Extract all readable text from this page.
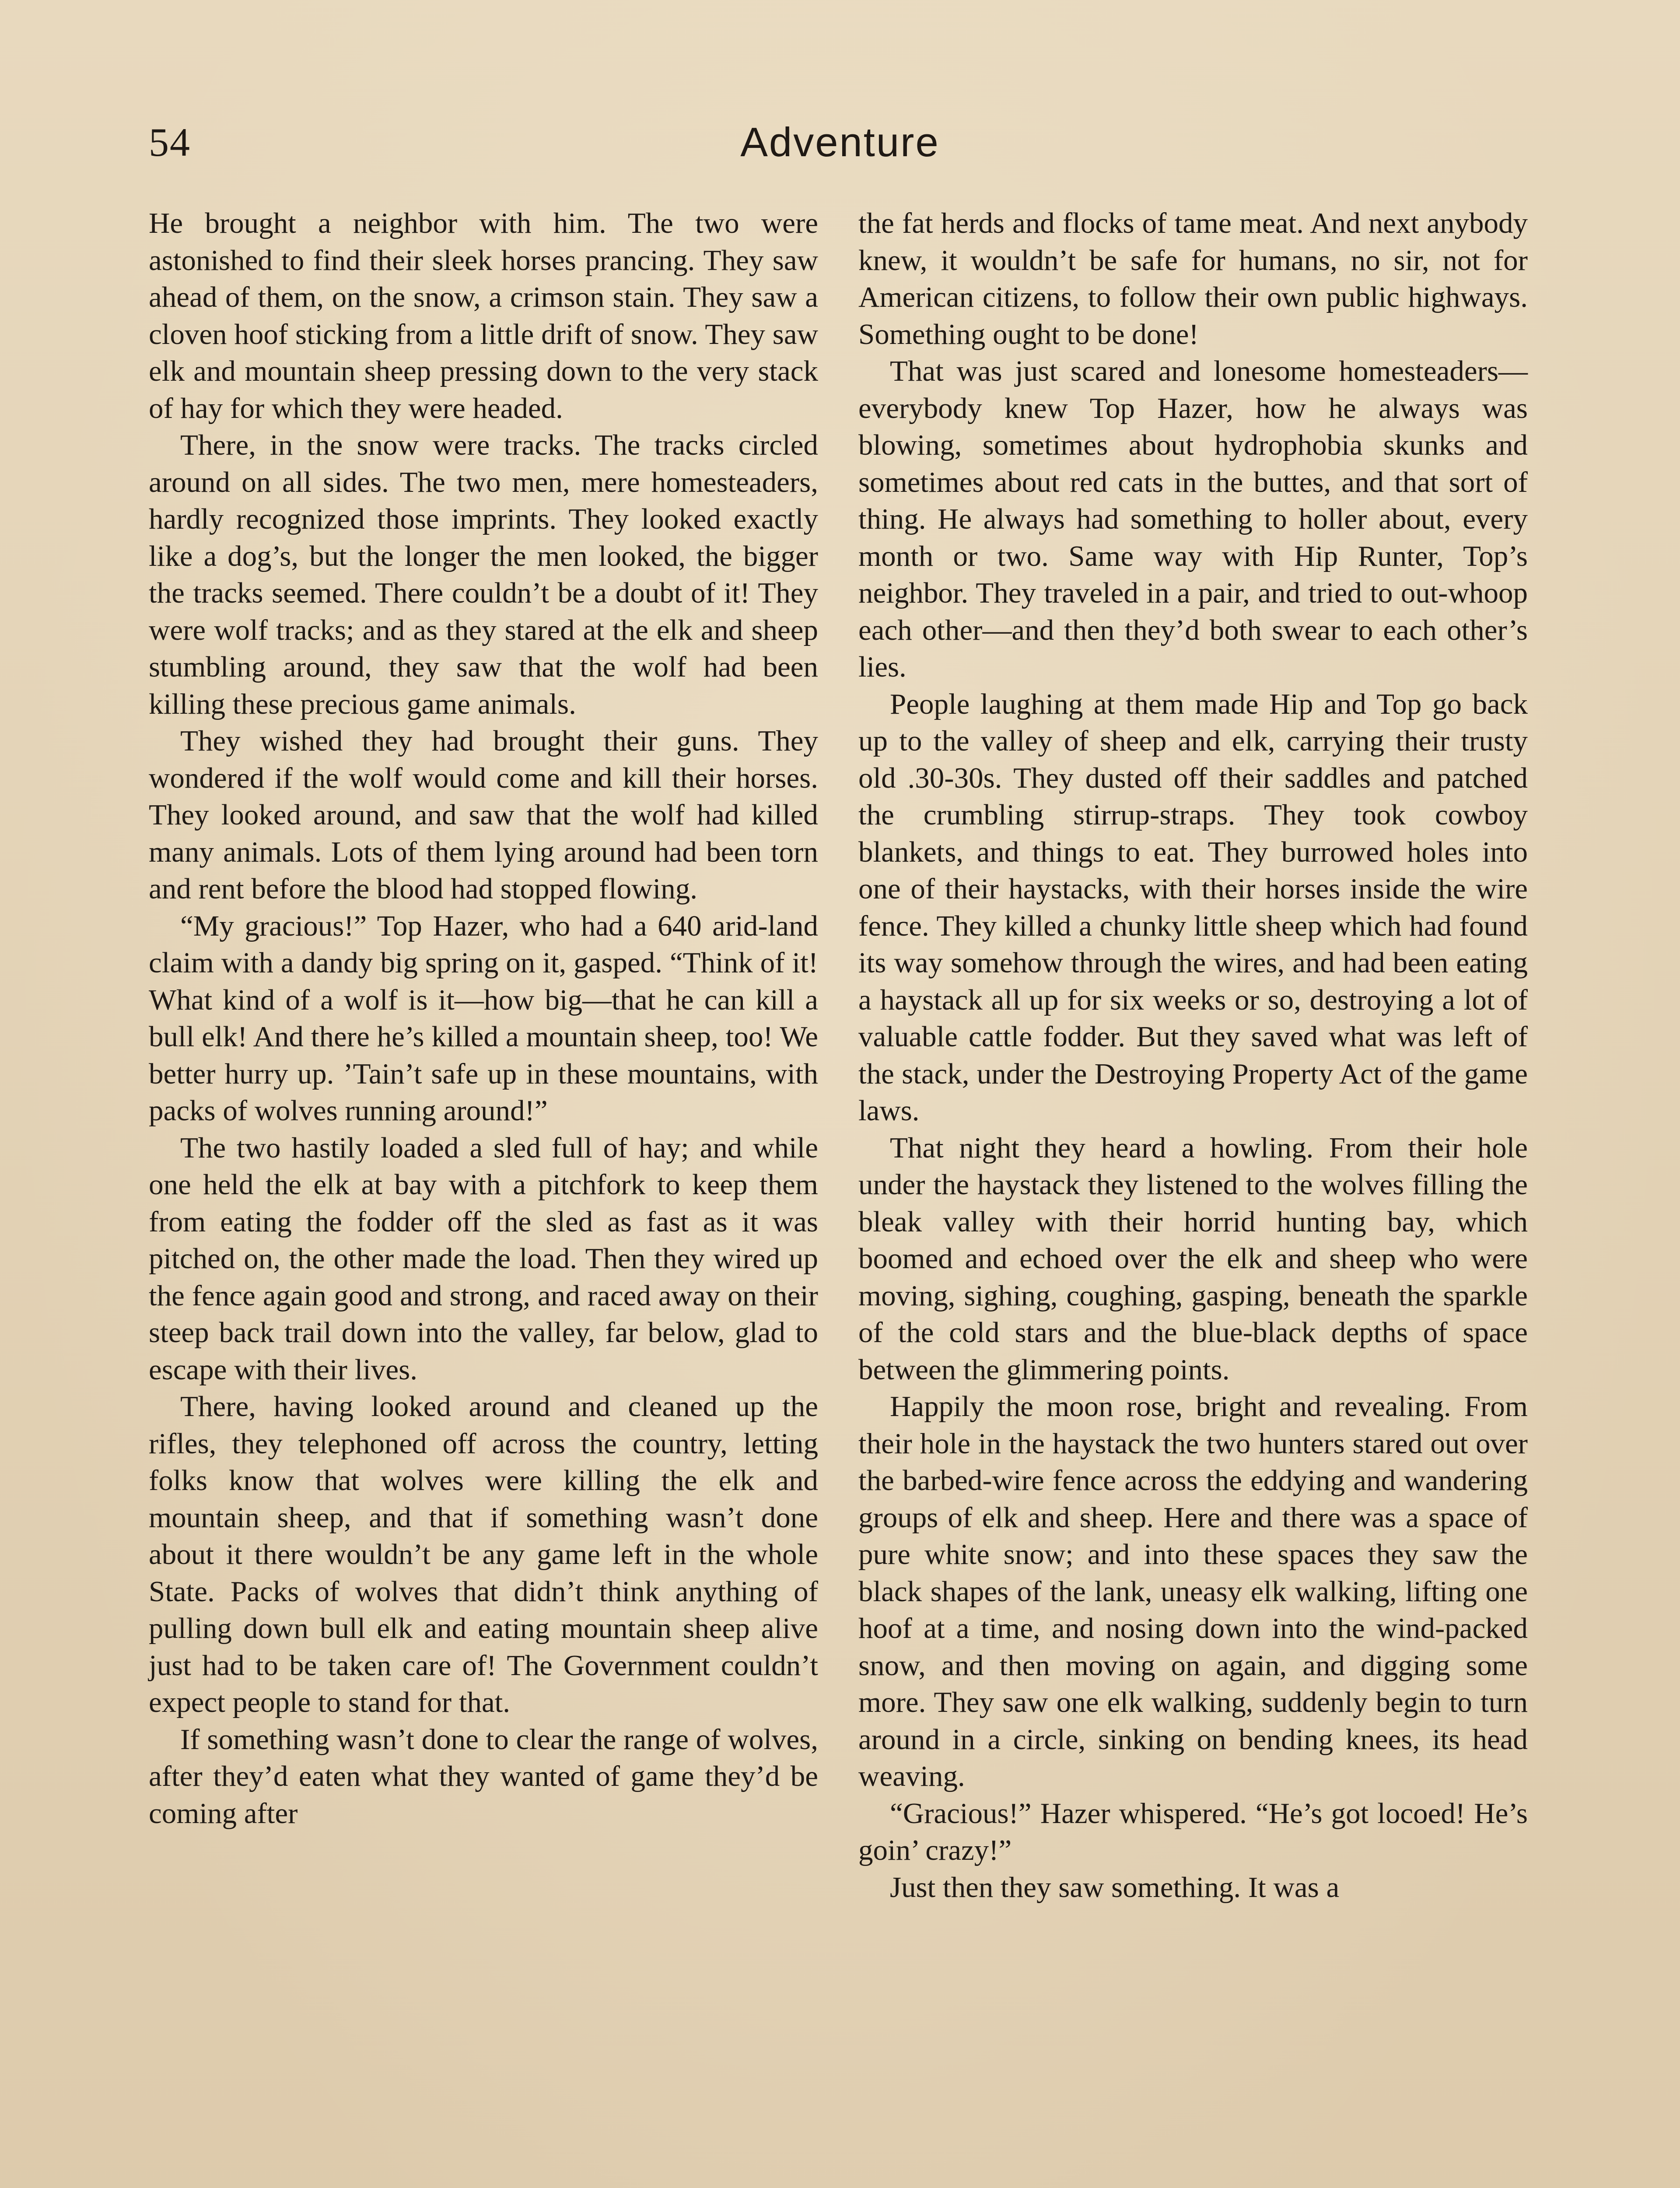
54	Adventure

He brought a neighbor with him. The two were astonished to find their sleek horses prancing. They saw ahead of them, on the snow, a crimson stain. They saw a cloven hoof sticking from a little drift of snow. They saw elk and mountain sheep pressing down to the very stack of hay for which they were headed.

There, in the snow were tracks. The tracks circled around on all sides. The two men, mere homesteaders, hardly recognized those imprints. They looked exactly like a dog’s, but the longer the men looked, the bigger the tracks seemed. There couldn’t be a doubt of it! They were wolf tracks; and as they stared at the elk and sheep stumbling around, they saw that the wolf had been killing these precious game animals.

They wished they had brought their guns. They wondered if the wolf would come and kill their horses. They looked around, and saw that the wolf had killed many animals. Lots of them lying around had been torn and rent before the blood had stopped flowing.

“My gracious!” Top Hazer, who had a 640 arid-land claim with a dandy big spring on it, gasped. “Think of it! What kind of a wolf is it—how big—that he can kill a bull elk! And there he’s killed a mountain sheep, too! We better hurry up. ’Tain’t safe up in these mountains, with packs of wolves running around!”

The two hastily loaded a sled full of hay; and while one held the elk at bay with a pitchfork to keep them from eating the fodder off the sled as fast as it was pitched on, the other made the load. Then they wired up the fence again good and strong, and raced away on their steep back trail down into the valley, far below, glad to escape with their lives.

There, having looked around and cleaned up the rifles, they telephoned off across the country, letting folks know that wolves were killing the elk and mountain sheep, and that if something wasn’t done about it there wouldn’t be any game left in the whole State. Packs of wolves that didn’t think anything of pulling down bull elk and eating mountain sheep alive just had to be taken care of! The Government couldn’t expect people to stand for that.

If something wasn’t done to clear the range of wolves, after they’d eaten what they wanted of game they’d be coming after

the fat herds and flocks of tame meat. And next anybody knew, it wouldn’t be safe for humans, no sir, not for American citizens, to follow their own public highways. Something ought to be done!

That was just scared and lonesome homesteaders—everybody knew Top Hazer, how he always was blowing, sometimes about hydrophobia skunks and sometimes about red cats in the buttes, and that sort of thing. He always had something to holler about, every month or two. Same way with Hip Runter, Top’s neighbor. They traveled in a pair, and tried to out-whoop each other—and then they’d both swear to each other’s lies.

People laughing at them made Hip and Top go back up to the valley of sheep and elk, carrying their trusty old .30-30s. They dusted off their saddles and patched the crumbling stirrup-straps. They took cowboy blankets, and things to eat. They burrowed holes into one of their haystacks, with their horses inside the wire fence. They killed a chunky little sheep which had found its way somehow through the wires, and had been eating a haystack all up for six weeks or so, destroying a lot of valuable cattle fodder. But they saved what was left of the stack, under the Destroying Property Act of the game laws.

That night they heard a howling. From their hole under the haystack they listened to the wolves filling the bleak valley with their horrid hunting bay, which boomed and echoed over the elk and sheep who were moving, sighing, coughing, gasping, beneath the sparkle of the cold stars and the blue-black depths of space between the glimmering points.

Happily the moon rose, bright and revealing. From their hole in the haystack the two hunters stared out over the barbed-wire fence across the eddying and wandering groups of elk and sheep. Here and there was a space of pure white snow; and into these spaces they saw the black shapes of the lank, uneasy elk walking, lifting one hoof at a time, and nosing down into the wind-packed snow, and then moving on again, and digging some more. They saw one elk walking, suddenly begin to turn around in a circle, sinking on bending knees, its head weaving.

“Gracious!” Hazer whispered. “He’s got locoed! He’s goin’ crazy!”

Just then they saw something. It was a
